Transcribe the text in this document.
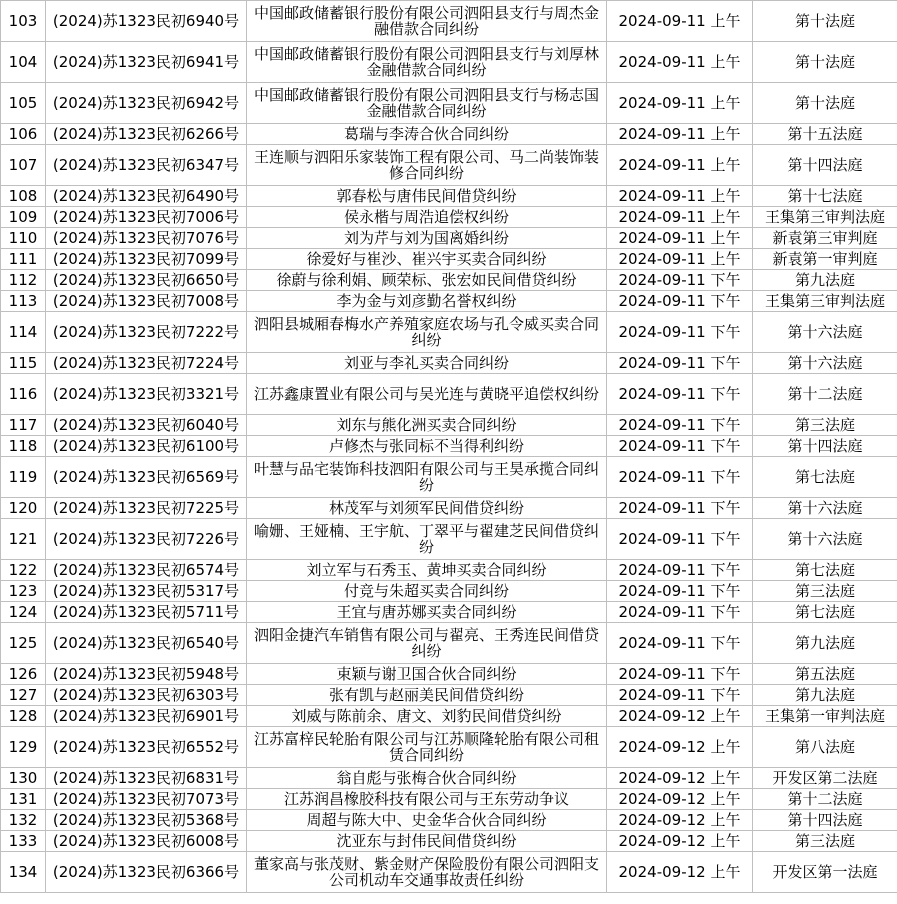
103	(2024)苏1323民初6940号	中国邮政储蓄银行股份有限公司泗阳县支行与周杰金融借款合同纠纷	2024-09-11 上午	第十法庭
104	(2024)苏1323民初6941号	中国邮政储蓄银行股份有限公司泗阳县支行与刘厚林金融借款合同纠纷	2024-09-11 上午	第十法庭
105	(2024)苏1323民初6942号	中国邮政储蓄银行股份有限公司泗阳县支行与杨志国金融借款合同纠纷	2024-09-11 上午	第十法庭
106	(2024)苏1323民初6266号	葛瑞与李涛合伙合同纠纷	2024-09-11 上午	第十五法庭
107	(2024)苏1323民初6347号	王连顺与泗阳乐家装饰工程有限公司、马二尚装饰装修合同纠纷	2024-09-11 上午	第十四法庭
108	(2024)苏1323民初6490号	郭春松与唐伟民间借贷纠纷	2024-09-11 上午	第十七法庭
109	(2024)苏1323民初7006号	侯永楷与周浩追偿权纠纷	2024-09-11 上午	王集第三审判法庭
110	(2024)苏1323民初7076号	刘为芹与刘为国离婚纠纷	2024-09-11 上午	新袁第三审判庭
111	(2024)苏1323民初7099号	徐爱好与崔沙、崔兴宇买卖合同纠纷	2024-09-11 上午	新袁第一审判庭
112	(2024)苏1323民初6650号	徐蔚与徐利娟、顾荣标、张宏如民间借贷纠纷	2024-09-11 下午	第九法庭
113	(2024)苏1323民初7008号	李为金与刘彦勤名誉权纠纷	2024-09-11 下午	王集第三审判法庭
114	(2024)苏1323民初7222号	泗阳县城厢春梅水产养殖家庭农场与孔令威买卖合同纠纷	2024-09-11 下午	第十六法庭
115	(2024)苏1323民初7224号	刘亚与李礼买卖合同纠纷	2024-09-11 下午	第十六法庭
116	(2024)苏1323民初3321号	江苏鑫康置业有限公司与吴光连与黄晓平追偿权纠纷	2024-09-11 下午	第十二法庭
117	(2024)苏1323民初6040号	刘东与熊化洲买卖合同纠纷	2024-09-11 下午	第三法庭
118	(2024)苏1323民初6100号	卢修杰与张同标不当得利纠纷	2024-09-11 下午	第十四法庭
119	(2024)苏1323民初6569号	叶慧与品宅装饰科技泗阳有限公司与王昊承揽合同纠纷	2024-09-11 下午	第七法庭
120	(2024)苏1323民初7225号	林茂军与刘须军民间借贷纠纷	2024-09-11 下午	第十六法庭
121	(2024)苏1323民初7226号	喻姗、王娅楠、王宇航、丁翠平与翟建芝民间借贷纠纷	2024-09-11 下午	第十六法庭
122	(2024)苏1323民初6574号	刘立军与石秀玉、黄坤买卖合同纠纷	2024-09-11 下午	第七法庭
123	(2024)苏1323民初5317号	付竞与朱超买卖合同纠纷	2024-09-11 下午	第三法庭
124	(2024)苏1323民初5711号	王宜与唐苏娜买卖合同纠纷	2024-09-11 下午	第七法庭
125	(2024)苏1323民初6540号	泗阳金捷汽车销售有限公司与翟亮、王秀连民间借贷纠纷	2024-09-11 下午	第九法庭
126	(2024)苏1323民初5948号	束颖与谢卫国合伙合同纠纷	2024-09-11 下午	第五法庭
127	(2024)苏1323民初6303号	张有凯与赵丽美民间借贷纠纷	2024-09-11 下午	第九法庭
128	(2024)苏1323民初6901号	刘威与陈前余、唐文、刘豹民间借贷纠纷	2024-09-12 上午	王集第一审判法庭
129	(2024)苏1323民初6552号	江苏富梓民轮胎有限公司与江苏顺隆轮胎有限公司租赁合同纠纷	2024-09-12 上午	第八法庭
130	(2024)苏1323民初6831号	翁自彪与张梅合伙合同纠纷	2024-09-12 上午	开发区第二法庭
131	(2024)苏1323民初7073号	江苏润昌橡胶科技有限公司与王东劳动争议	2024-09-12 上午	第十二法庭
132	(2024)苏1323民初5368号	周超与陈大中、史金华合伙合同纠纷	2024-09-12 上午	第十四法庭
133	(2024)苏1323民初6008号	沈亚东与封伟民间借贷纠纷	2024-09-12 上午	第三法庭
134	(2024)苏1323民初6366号	董家高与张茂财、紫金财产保险股份有限公司泗阳支公司机动车交通事故责任纠纷	2024-09-12 上午	开发区第一法庭
